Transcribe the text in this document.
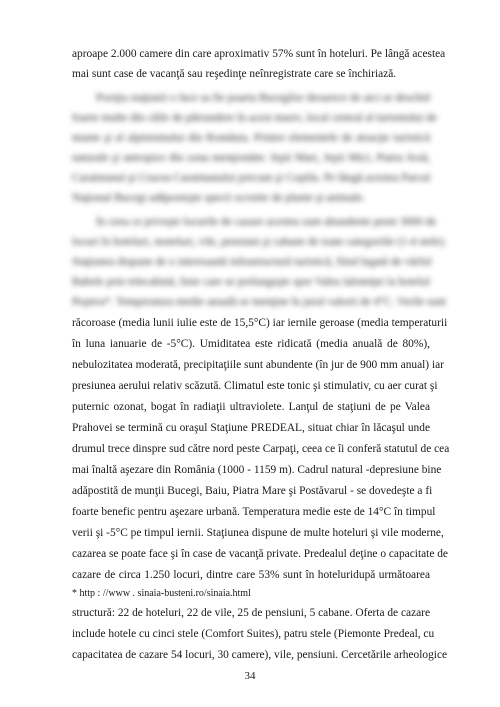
aproape 2.000 camere din care aproximativ 57% sunt în hoteluri. Pe lângă acestea
mai sunt case de vacanţă sau reşedinţe neînregistrate care se închiriază.
Poziţia staţiunii o face sa fie poarta Bucegilor deoarece de aici se deschid
foarte multe din căile de pătrundere în acest masiv, local central al turismului de
munte şi al alpinismului din România. Printre elementele de atracţie turistică
naturale şi antropice din zona menţionăm: Jepii Mari, Jepii Mici, Piatra Arsă,
Caraimanul şi Crucea Caraimanului precum şi Coştila. Pe lângă acestea Parcul
Naţional Bucegi adăposteşte specii ocrotite de plante şi animale.
În ceea ce priveşte locurile de cazare acestea sunt abundente peste 3000 de
locuri în hoteluri, moteluri, vile, pensiuni şi cabane de toate categoriile (1-4 stele).
Staţiunea dispune de o interesantă infrastructură turistică, fiind legată de vârful
Babele prin telecabină, linie care se prelungeşte spre Valea Ialomiţei la hotelul
Peştera*. Temperatura medie anuală se menţine în jurul valorii de 4°C. Verile sunt
răcoroase (media lunii iulie este de 15,5°C) iar iernile geroase (media temperaturii
în luna ianuarie de -5°C). Umiditatea este ridicată (media anuală de 80%),
nebulozitatea moderată, precipitaţiile sunt abundente (în jur de 900 mm anual) iar
presiunea aerului relativ scăzută. Climatul este tonic şi stimulativ, cu aer curat şi
puternic ozonat, bogat în radiaţii ultraviolete. Lanţul de staţiuni de pe Valea
Prahovei se termină cu oraşul Staţiune PREDEAL, situat chiar în lăcaşul unde
drumul trece dinspre sud către nord peste Carpaţi, ceea ce îi conferă statutul de cea
mai înaltă aşezare din România (1000 - 1159 m). Cadrul natural -depresiune bine
adăpostită de munţii Bucegi, Baiu, Piatra Mare şi Postăvarul - se dovedeşte a fi
foarte benefic pentru aşezare urbană. Temperatura medie este de 14°C în timpul
verii şi -5°C pe timpul iernii. Staţiunea dispune de multe hoteluri şi vile moderne,
cazarea se poate face şi în case de vacanţă private. Predealul deţine o capacitate de
cazare de circa 1.250 locuri, dintre care 53% sunt în hoteluridupă următoarea
* http : //www . sinaia-busteni.ro/sinaia.html
structură: 22 de hoteluri, 22 de vile, 25 de pensiuni, 5 cabane. Oferta de cazare
include hotele cu cinci stele (Comfort Suites), patru stele (Piemonte Predeal, cu
capacitatea de cazare 54 locuri, 30 camere), vile, pensiuni. Cercetările arheologice
34
